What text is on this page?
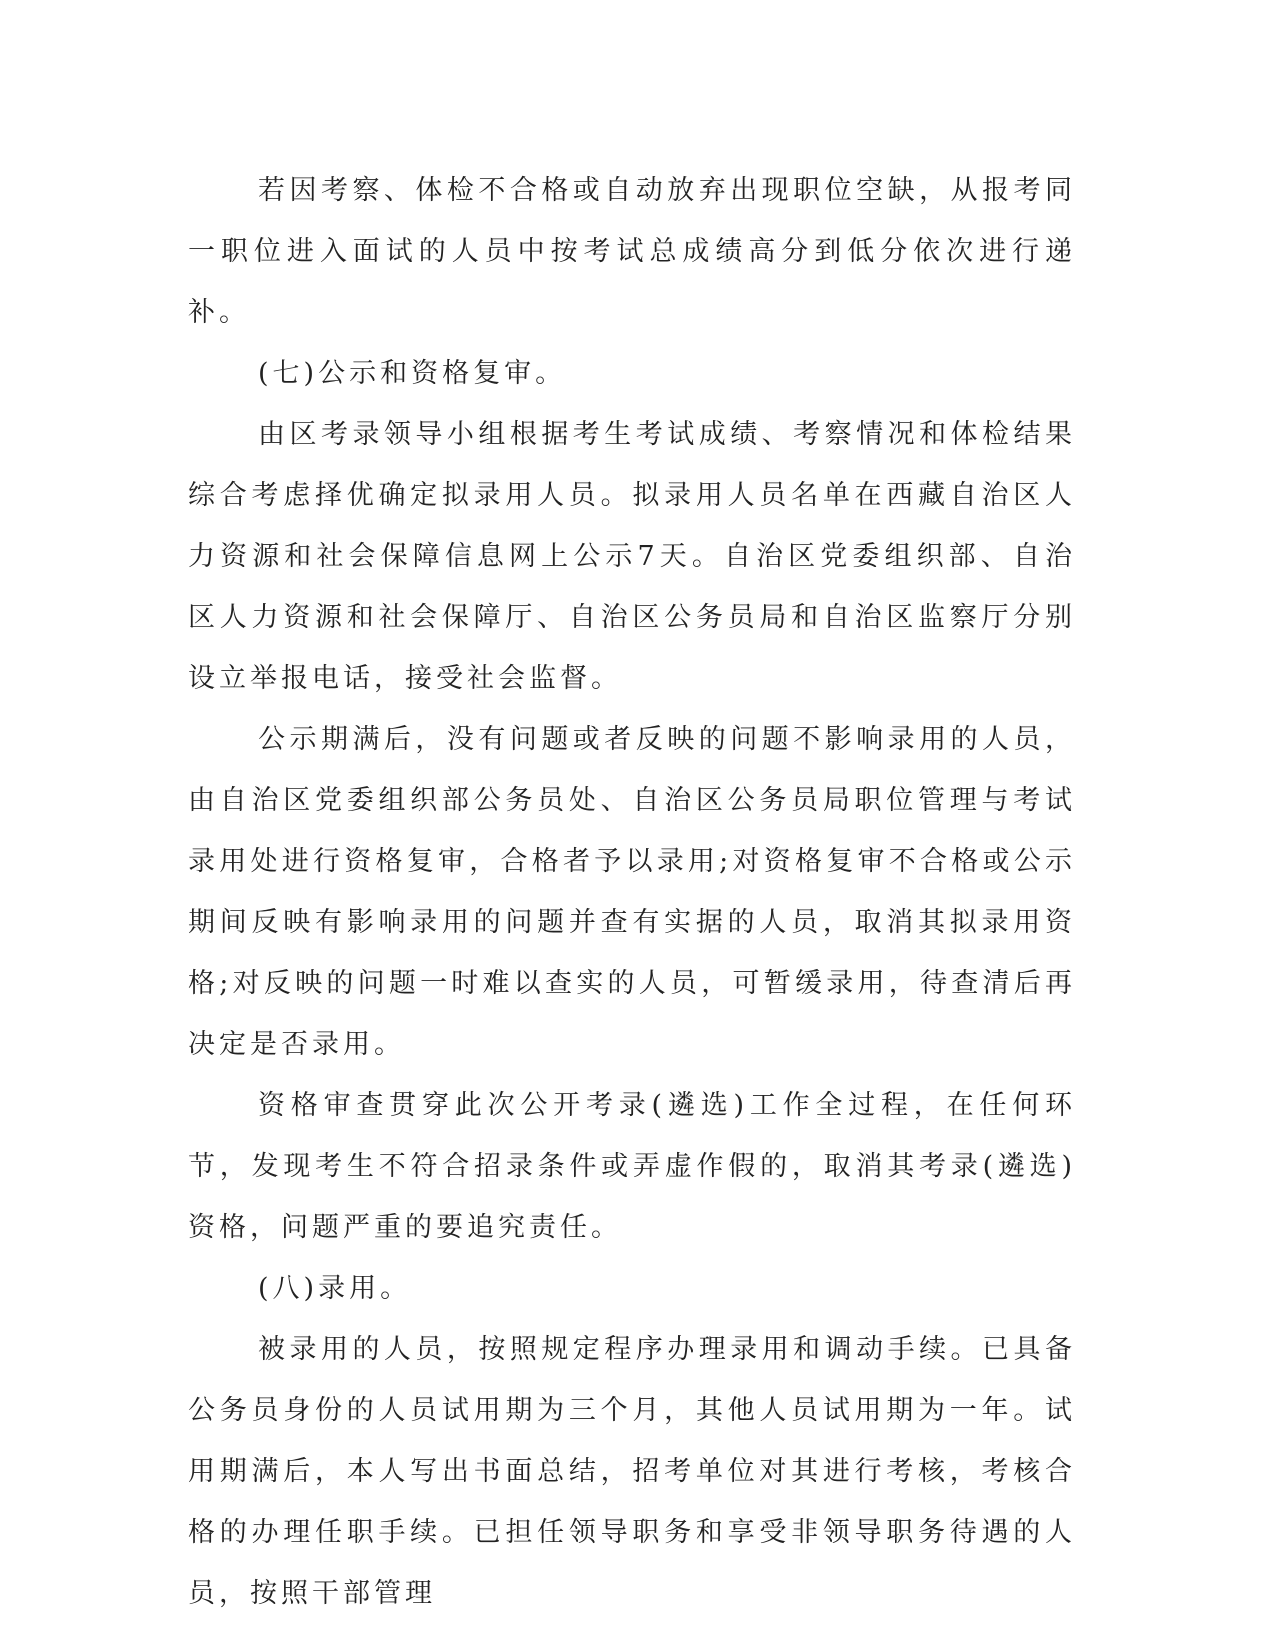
若因考察、体检不合格或自动放弃出现职位空缺，从报考同一职位进入面试的人员中按考试总成绩高分到低分依次进行递补。

(七)公示和资格复审。

由区考录领导小组根据考生考试成绩、考察情况和体检结果综合考虑择优确定拟录用人员。拟录用人员名单在西藏自治区人力资源和社会保障信息网上公示7天。自治区党委组织部、自治区人力资源和社会保障厅、自治区公务员局和自治区监察厅分别设立举报电话，接受社会监督。

公示期满后，没有问题或者反映的问题不影响录用的人员，由自治区党委组织部公务员处、自治区公务员局职位管理与考试录用处进行资格复审，合格者予以录用;对资格复审不合格或公示期间反映有影响录用的问题并查有实据的人员，取消其拟录用资格;对反映的问题一时难以查实的人员，可暂缓录用，待查清后再决定是否录用。

资格审查贯穿此次公开考录(遴选)工作全过程，在任何环节，发现考生不符合招录条件或弄虚作假的，取消其考录(遴选)资格，问题严重的要追究责任。

(八)录用。

被录用的人员，按照规定程序办理录用和调动手续。已具备公务员身份的人员试用期为三个月，其他人员试用期为一年。试用期满后，本人写出书面总结，招考单位对其进行考核，考核合格的办理任职手续。已担任领导职务和享受非领导职务待遇的人员，按照干部管理
